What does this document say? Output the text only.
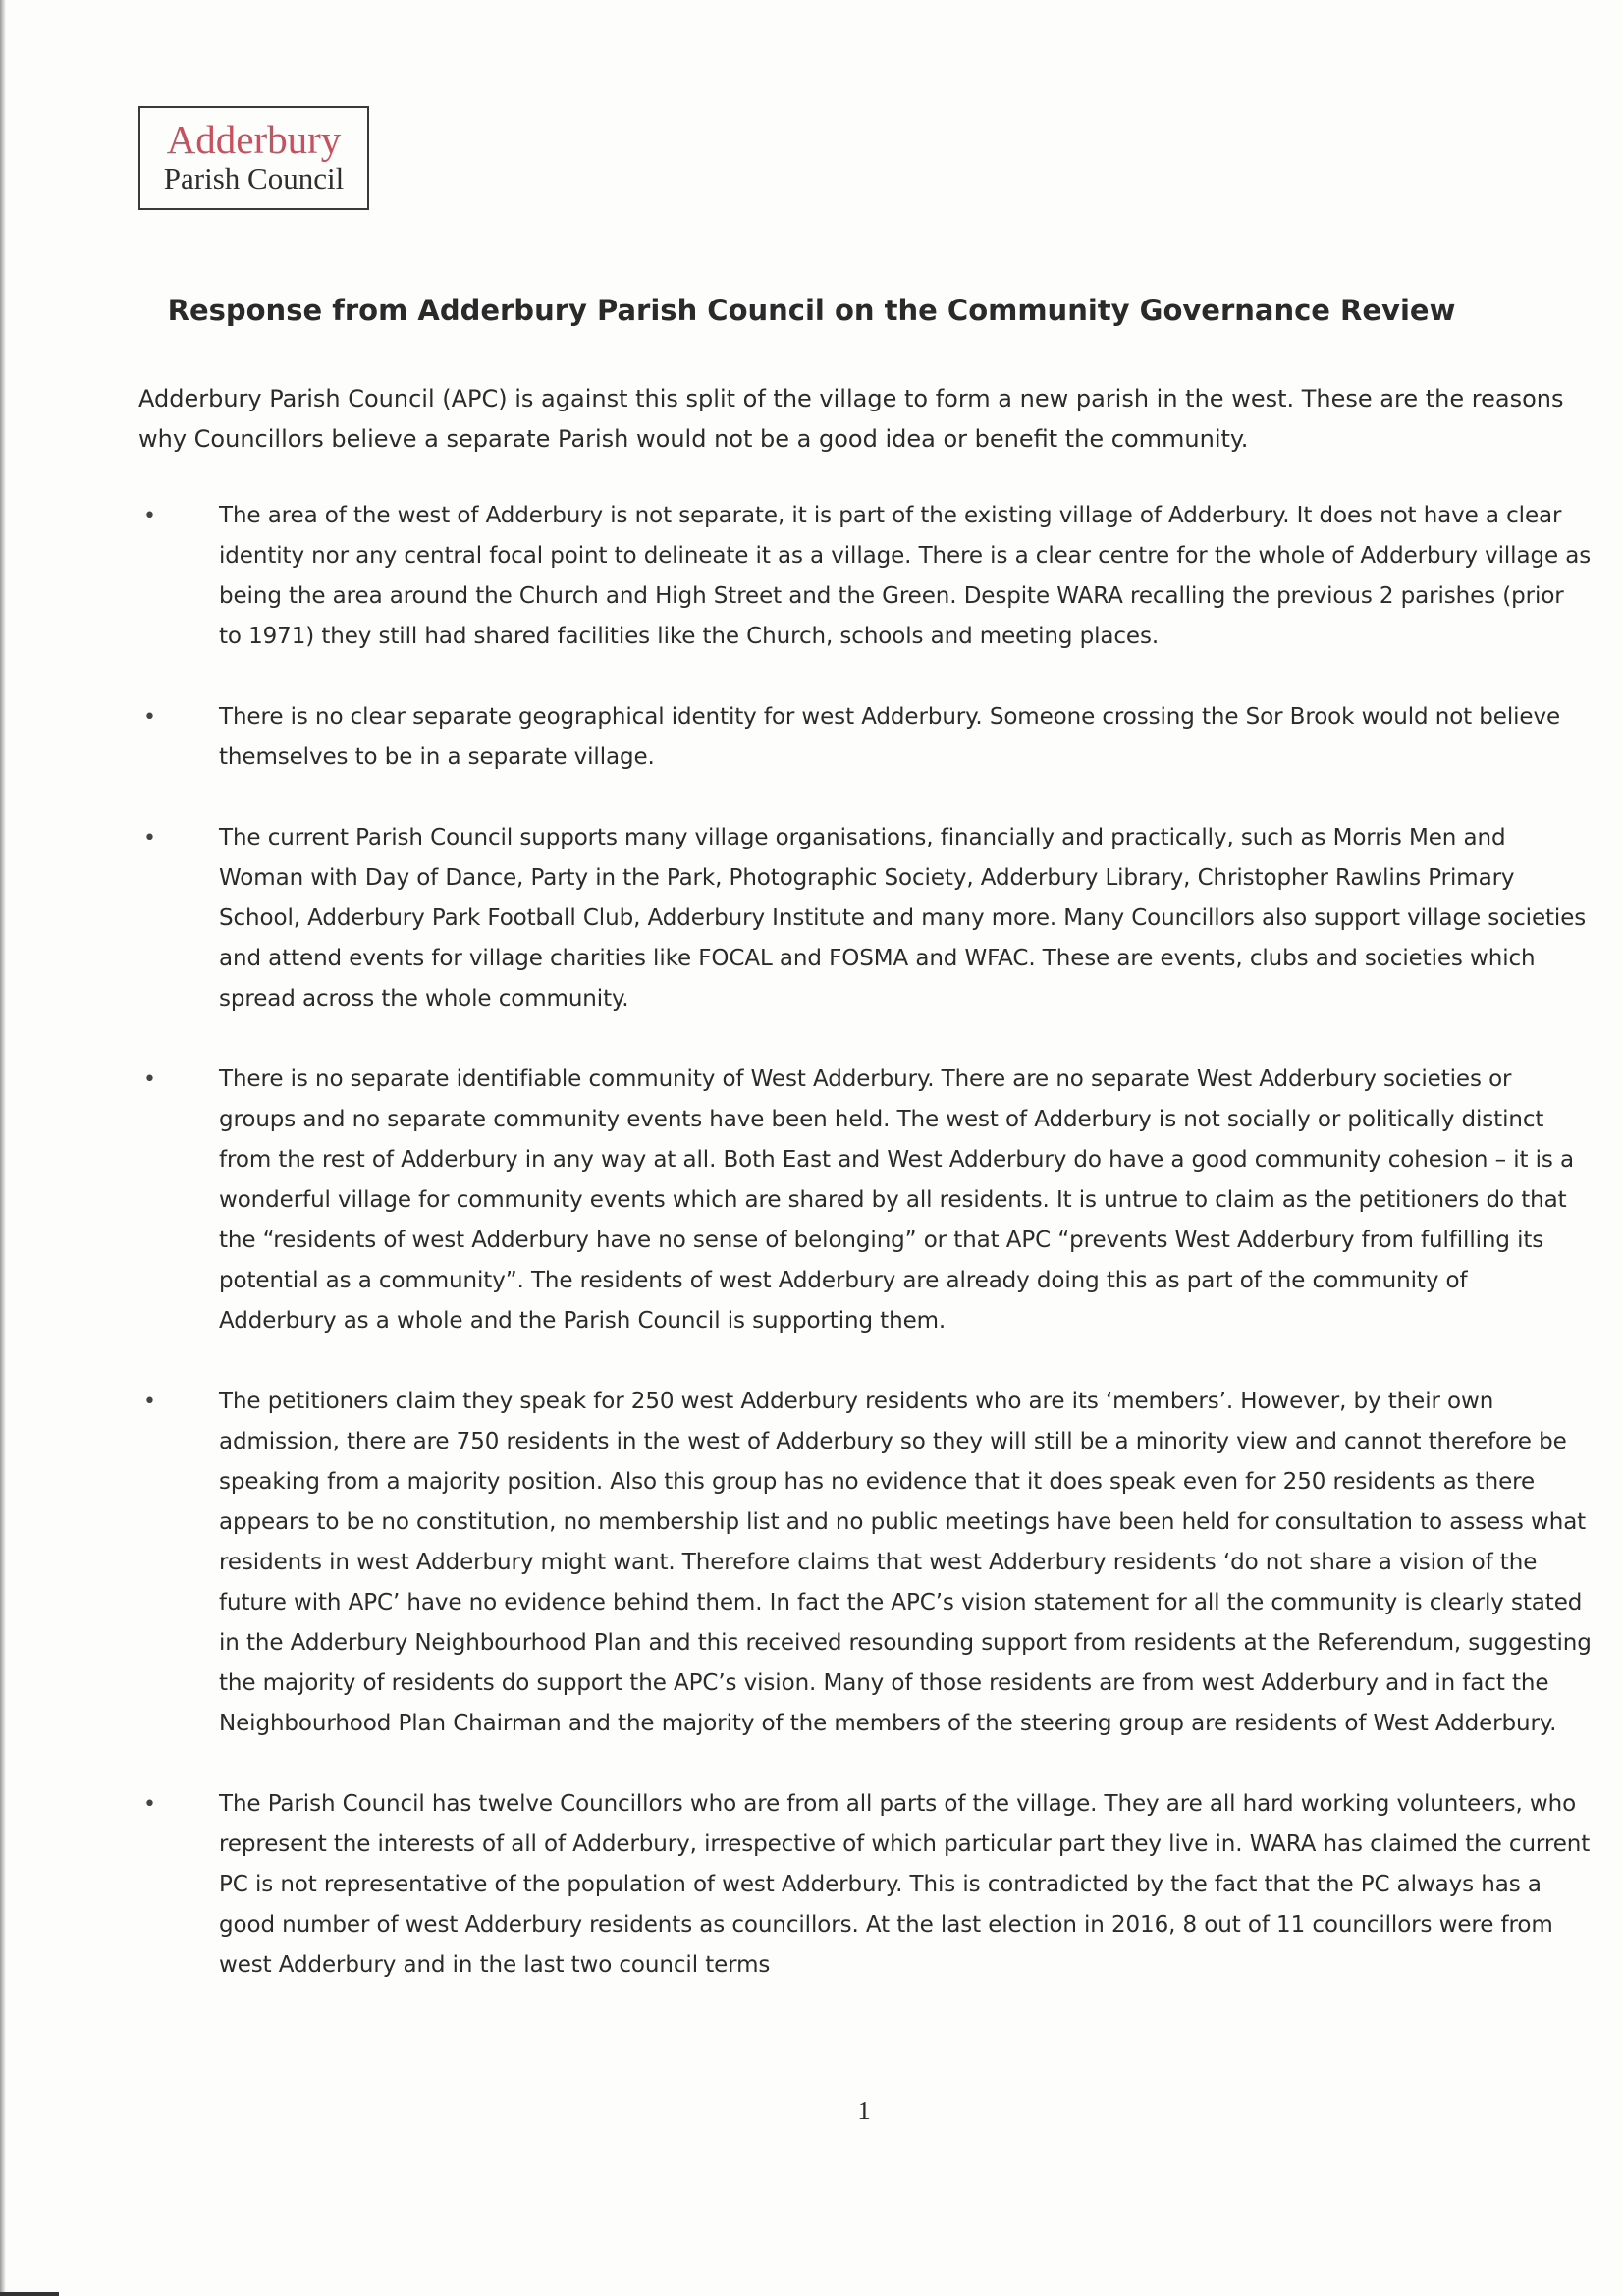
Adderbury
Parish Council
Response from Adderbury Parish Council on the Community Governance Review

Adderbury Parish Council (APC) is against this split of the village to form a new parish in the west. These are the reasons why Councillors believe a separate Parish would not be a good idea or benefit the community.

•	The area of the west of Adderbury is not separate, it is part of the existing village of Adderbury. It does not have a clear identity nor any central focal point to delineate it as a village. There is a clear centre for the whole of Adderbury village as being the area around the Church and High Street and the Green. Despite WARA recalling the previous 2 parishes (prior to 1971) they still had shared facilities like the Church, schools and meeting places.
•	There is no clear separate geographical identity for west Adderbury. Someone crossing the Sor Brook would not believe themselves to be in a separate village.
•	The current Parish Council supports many village organisations, financially and practically, such as Morris Men and Woman with Day of Dance, Party in the Park, Photographic Society, Adderbury Library, Christopher Rawlins Primary School, Adderbury Park Football Club, Adderbury Institute and many more. Many Councillors also support village societies and attend events for village charities like FOCAL and FOSMA and WFAC. These are events, clubs and societies which spread across the whole community.
•	There is no separate identifiable community of West Adderbury. There are no separate West Adderbury societies or groups and no separate community events have been held. The west of Adderbury is not socially or politically distinct from the rest of Adderbury in any way at all. Both East and West Adderbury do have a good community cohesion – it is a wonderful village for community events which are shared by all residents. It is untrue to claim as the petitioners do that the “residents of west Adderbury have no sense of belonging” or that APC “prevents West Adderbury from fulfilling its potential as a community”. The residents of west Adderbury are already doing this as part of the community of Adderbury as a whole and the Parish Council is supporting them.
•	The petitioners claim they speak for 250 west Adderbury residents who are its ‘members’. However, by their own admission, there are 750 residents in the west of Adderbury so they will still be a minority view and cannot therefore be speaking from a majority position. Also this group has no evidence that it does speak even for 250 residents as there appears to be no constitution, no membership list and no public meetings have been held for consultation to assess what residents in west Adderbury might want. Therefore claims that west Adderbury residents ‘do not share a vision of the future with APC’ have no evidence behind them. In fact the APC’s vision statement for all the community is clearly stated in the Adderbury Neighbourhood Plan and this received resounding support from residents at the Referendum, suggesting the majority of residents do support the APC’s vision. Many of those residents are from west Adderbury and in fact the Neighbourhood Plan Chairman and the majority of the members of the steering group are residents of West Adderbury.
•	The Parish Council has twelve Councillors who are from all parts of the village. They are all hard working volunteers, who represent the interests of all of Adderbury, irrespective of which particular part they live in. WARA has claimed the current PC is not representative of the population of west Adderbury. This is contradicted by the fact that the PC always has a good number of west Adderbury residents as councillors. At the last election in 2016, 8 out of 11 councillors were from west Adderbury and in the last two council terms
1
